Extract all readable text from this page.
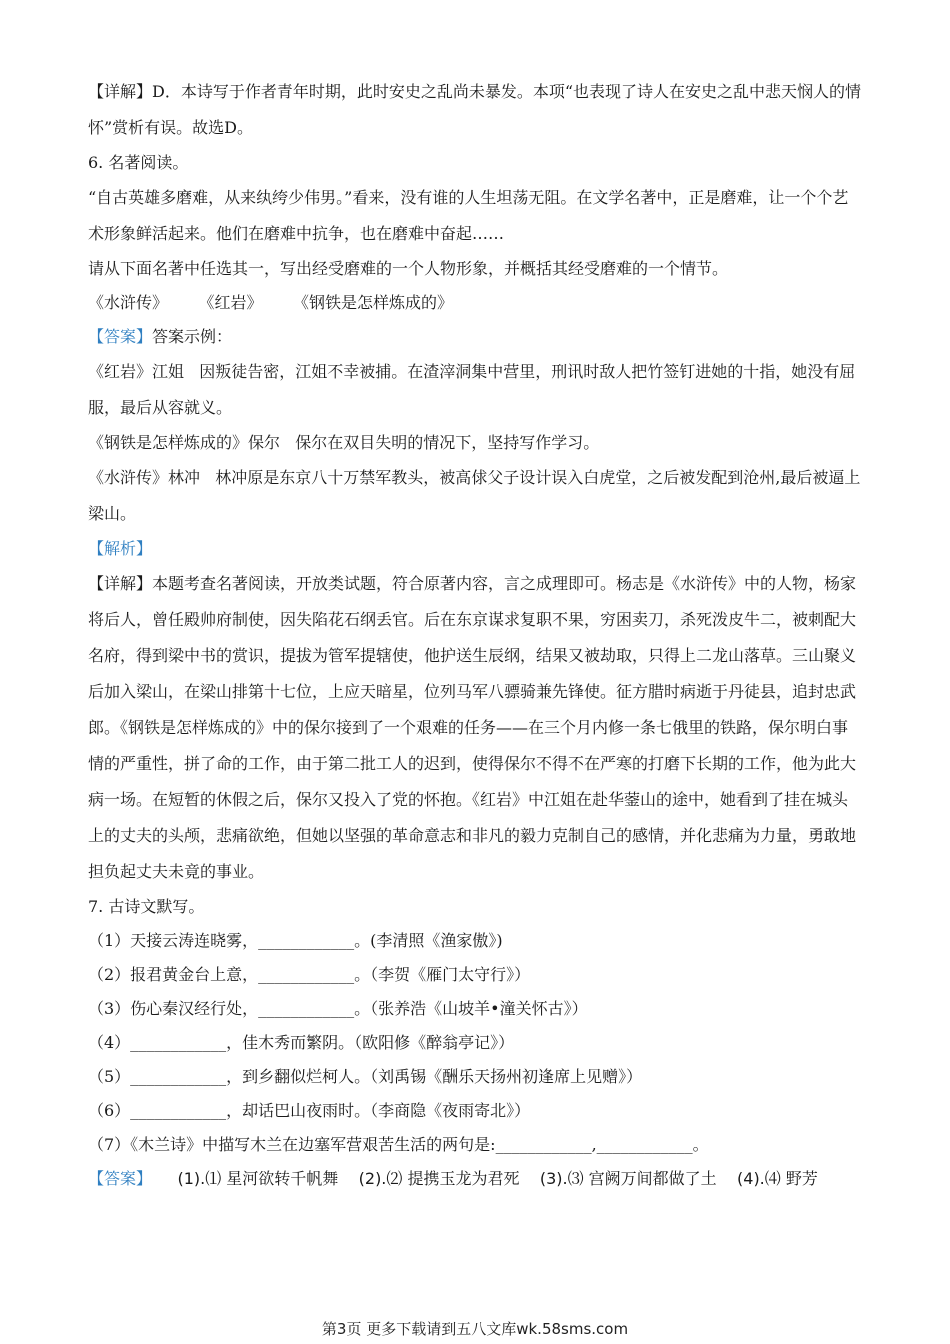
【详解】D．本诗写于作者青年时期，此时安史之乱尚未暴发。本项“也表现了诗人在安史之乱中悲天悯人的情怀”赏析有误。故选D。

6. 名著阅读。

“自古英雄多磨难，从来纨绔少伟男。”看来，没有谁的人生坦荡无阻。在文学名著中，正是磨难，让一个个艺术形象鲜活起来。他们在磨难中抗争，也在磨难中奋起……

请从下面名著中任选其一，写出经受磨难的一个人物形象，并概括其经受磨难的一个情节。

《水浒传》      《红岩》      《钢铁是怎样炼成的》

【答案】答案示例：

《红岩》江姐   因叛徒告密，江姐不幸被捕。在渣滓洞集中营里，刑讯时敌人把竹签钉进她的十指，她没有屈服，最后从容就义。

《钢铁是怎样炼成的》保尔   保尔在双目失明的情况下，坚持写作学习。

《水浒传》林冲   林冲原是东京八十万禁军教头，被高俅父子设计误入白虎堂，之后被发配到沧州,最后被逼上梁山。

【解析】

【详解】本题考查名著阅读，开放类试题，符合原著内容，言之成理即可。杨志是《水浒传》中的人物，杨家将后人，曾任殿帅府制使，因失陷花石纲丢官。后在东京谋求复职不果，穷困卖刀，杀死泼皮牛二，被刺配大名府，得到梁中书的赏识，提拔为管军提辖使，他护送生辰纲，结果又被劫取，只得上二龙山落草。三山聚义后加入梁山，在梁山排第十七位，上应天暗星，位列马军八骠骑兼先锋使。征方腊时病逝于丹徒县，追封忠武郎。《钢铁是怎样炼成的》中的保尔接到了一个艰难的任务——在三个月内修一条七俄里的铁路，保尔明白事情的严重性，拼了命的工作，由于第二批工人的迟到，使得保尔不得不在严寒的打磨下长期的工作，他为此大病一场。在短暂的休假之后，保尔又投入了党的怀抱。《红岩》中江姐在赴华蓥山的途中，她看到了挂在城头上的丈夫的头颅，悲痛欲绝，但她以坚强的革命意志和非凡的毅力克制自己的感情，并化悲痛为力量，勇敢地担负起丈夫未竟的事业。

7. 古诗文默写。

（1）天接云涛连晓雾，____________。(李清照《渔家傲》)

（2）报君黄金台上意，____________。（李贺《雁门太守行》）

（3）伤心秦汉经行处，____________。（张养浩《山坡羊•潼关怀古》）

（4）____________，佳木秀而繁阴。（欧阳修《醉翁亭记》）

（5）____________，到乡翻似烂柯人。（刘禹锡《酬乐天扬州初逢席上见赠》）

（6）____________，却话巴山夜雨时。（李商隐《夜雨寄北》）

（7）《木兰诗》中描写木兰在边塞军营艰苦生活的两句是:____________,____________。

【答案】 (1).⑴ 星河欲转千帆舞 (2).⑵ 提携玉龙为君死 (3).⑶ 宫阙万间都做了土 (4).⑷ 野芳

第3页 更多下载请到五八文库wk.58sms.com
